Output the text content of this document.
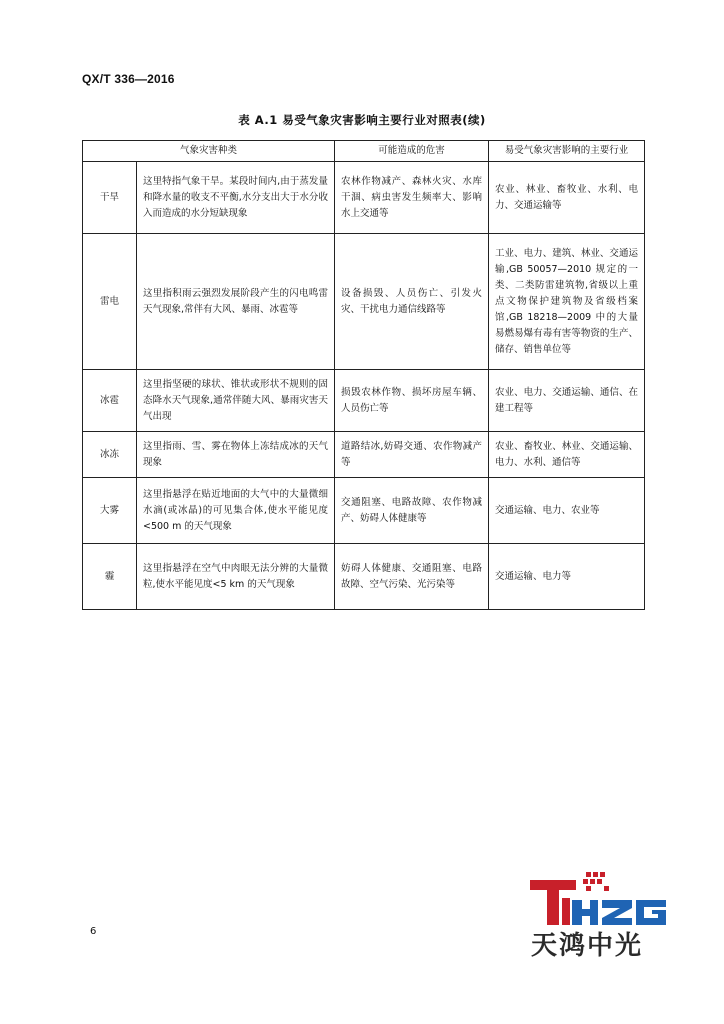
QX/T 336—2016
表 A.1 易受气象灾害影响主要行业对照表(续)
气象灾害种类		可能造成的危害	易受气象灾害影响的主要行业
干旱	这里特指气象干旱。某段时间内,由于蒸发量和降水量的收支不平衡,水分支出大于水分收入而造成的水分短缺现象	农林作物减产、森林火灾、水库干涸、病虫害发生频率大、影响水上交通等	农业、林业、畜牧业、水利、电力、交通运输等
雷电	这里指积雨云强烈发展阶段产生的闪电鸣雷天气现象,常伴有大风、暴雨、冰雹等	设备损毁、人员伤亡、引发火灾、干扰电力通信线路等	工业、电力、建筑、林业、交通运输,GB 50057—2010 规定的一类、二类防雷建筑物,省级以上重点文物保护建筑物及省级档案馆,GB 18218—2009 中的大量易燃易爆有毒有害等物资的生产、储存、销售单位等
冰雹	这里指坚硬的球状、锥状或形状不规则的固态降水天气现象,通常伴随大风、暴雨灾害天气出现	损毁农林作物、损坏房屋车辆、人员伤亡等	农业、电力、交通运输、通信、在建工程等
冰冻	这里指雨、雪、雾在物体上冻结成冰的天气现象	道路结冰,妨碍交通、农作物减产等	农业、畜牧业、林业、交通运输、电力、水利、通信等
大雾	这里指悬浮在贴近地面的大气中的大量微细水滴(或冰晶)的可见集合体,使水平能见度<500 m 的天气现象	交通阻塞、电路故障、农作物减产、妨碍人体健康等	交通运输、电力、农业等
霾	这里指悬浮在空气中肉眼无法分辨的大量微粒,使水平能见度<5 km 的天气现象	妨碍人体健康、交通阻塞、电路故障、空气污染、光污染等	交通运输、电力等
6	天鸿中光
